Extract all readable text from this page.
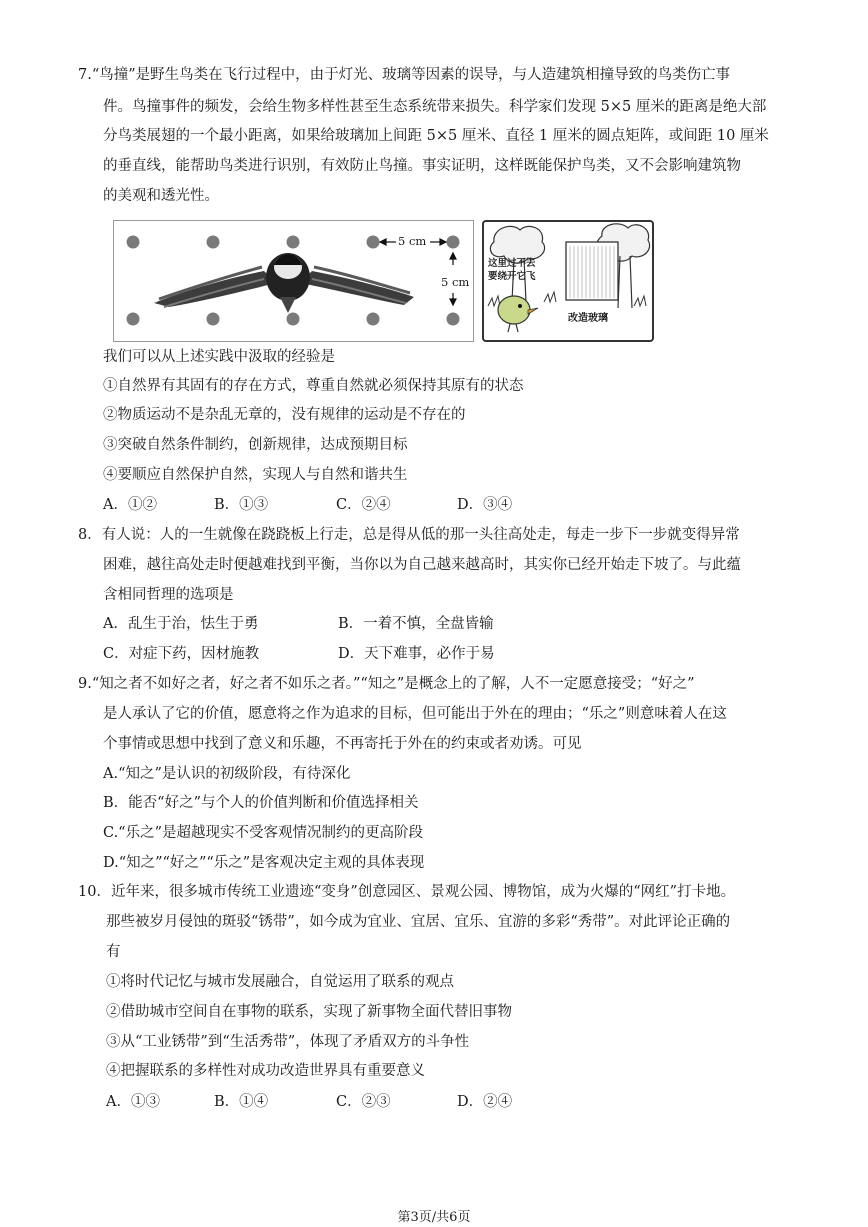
7.“鸟撞”是野生鸟类在飞行过程中，由于灯光、玻璃等因素的误导，与人造建筑相撞导致的鸟类伤亡事
件。鸟撞事件的频发，会给生物多样性甚至生态系统带来损失。科学家们发现 5×5 厘米的距离是绝大部
分鸟类展翅的一个最小距离，如果给玻璃加上间距 5×5 厘米、直径 1 厘米的圆点矩阵，或间距 10 厘米
的垂直线，能帮助鸟类进行识别，有效防止鸟撞。事实证明，这样既能保护鸟类，又不会影响建筑物
的美观和透光性。
5 cm
5 cm
这里过不去
要绕开它飞
改造玻璃
我们可以从上述实践中汲取的经验是
①自然界有其固有的存在方式，尊重自然就必须保持其原有的状态
②物质运动不是杂乱无章的，没有规律的运动是不存在的
③突破自然条件制约，创新规律，达成预期目标
④要顺应自然保护自然，实现人与自然和谐共生
A．①②	B．①③	C．②④	D．③④
8．有人说：人的一生就像在跷跷板上行走，总是得从低的那一头往高处走，每走一步下一步就变得异常
困难，越往高处走时便越难找到平衡，当你以为自己越来越高时，其实你已经开始走下坡了。与此蕴
含相同哲理的选项是
A．乱生于治，怯生于勇	B．一着不慎，全盘皆输
C．对症下药，因材施教	D．天下难事，必作于易
9.“知之者不如好之者，好之者不如乐之者。”“知之”是概念上的了解，人不一定愿意接受；“好之”
是人承认了它的价值，愿意将之作为追求的目标，但可能出于外在的理由；“乐之”则意味着人在这
个事情或思想中找到了意义和乐趣，不再寄托于外在的约束或者劝诱。可见
A.“知之”是认识的初级阶段，有待深化
B．能否“好之”与个人的价值判断和价值选择相关
C.“乐之”是超越现实不受客观情况制约的更高阶段
D.“知之”“好之”“乐之”是客观决定主观的具体表现
10．近年来，很多城市传统工业遗迹“变身”创意园区、景观公园、博物馆，成为火爆的“网红”打卡地。
那些被岁月侵蚀的斑驳“锈带”，如今成为宜业、宜居、宜乐、宜游的多彩“秀带”。对此评论正确的
有
①将时代记忆与城市发展融合，自觉运用了联系的观点
②借助城市空间自在事物的联系，实现了新事物全面代替旧事物
③从“工业锈带”到“生活秀带”，体现了矛盾双方的斗争性
④把握联系的多样性对成功改造世界具有重要意义
A．①③	B．①④	C．②③	D．②④
第3页/共6页
